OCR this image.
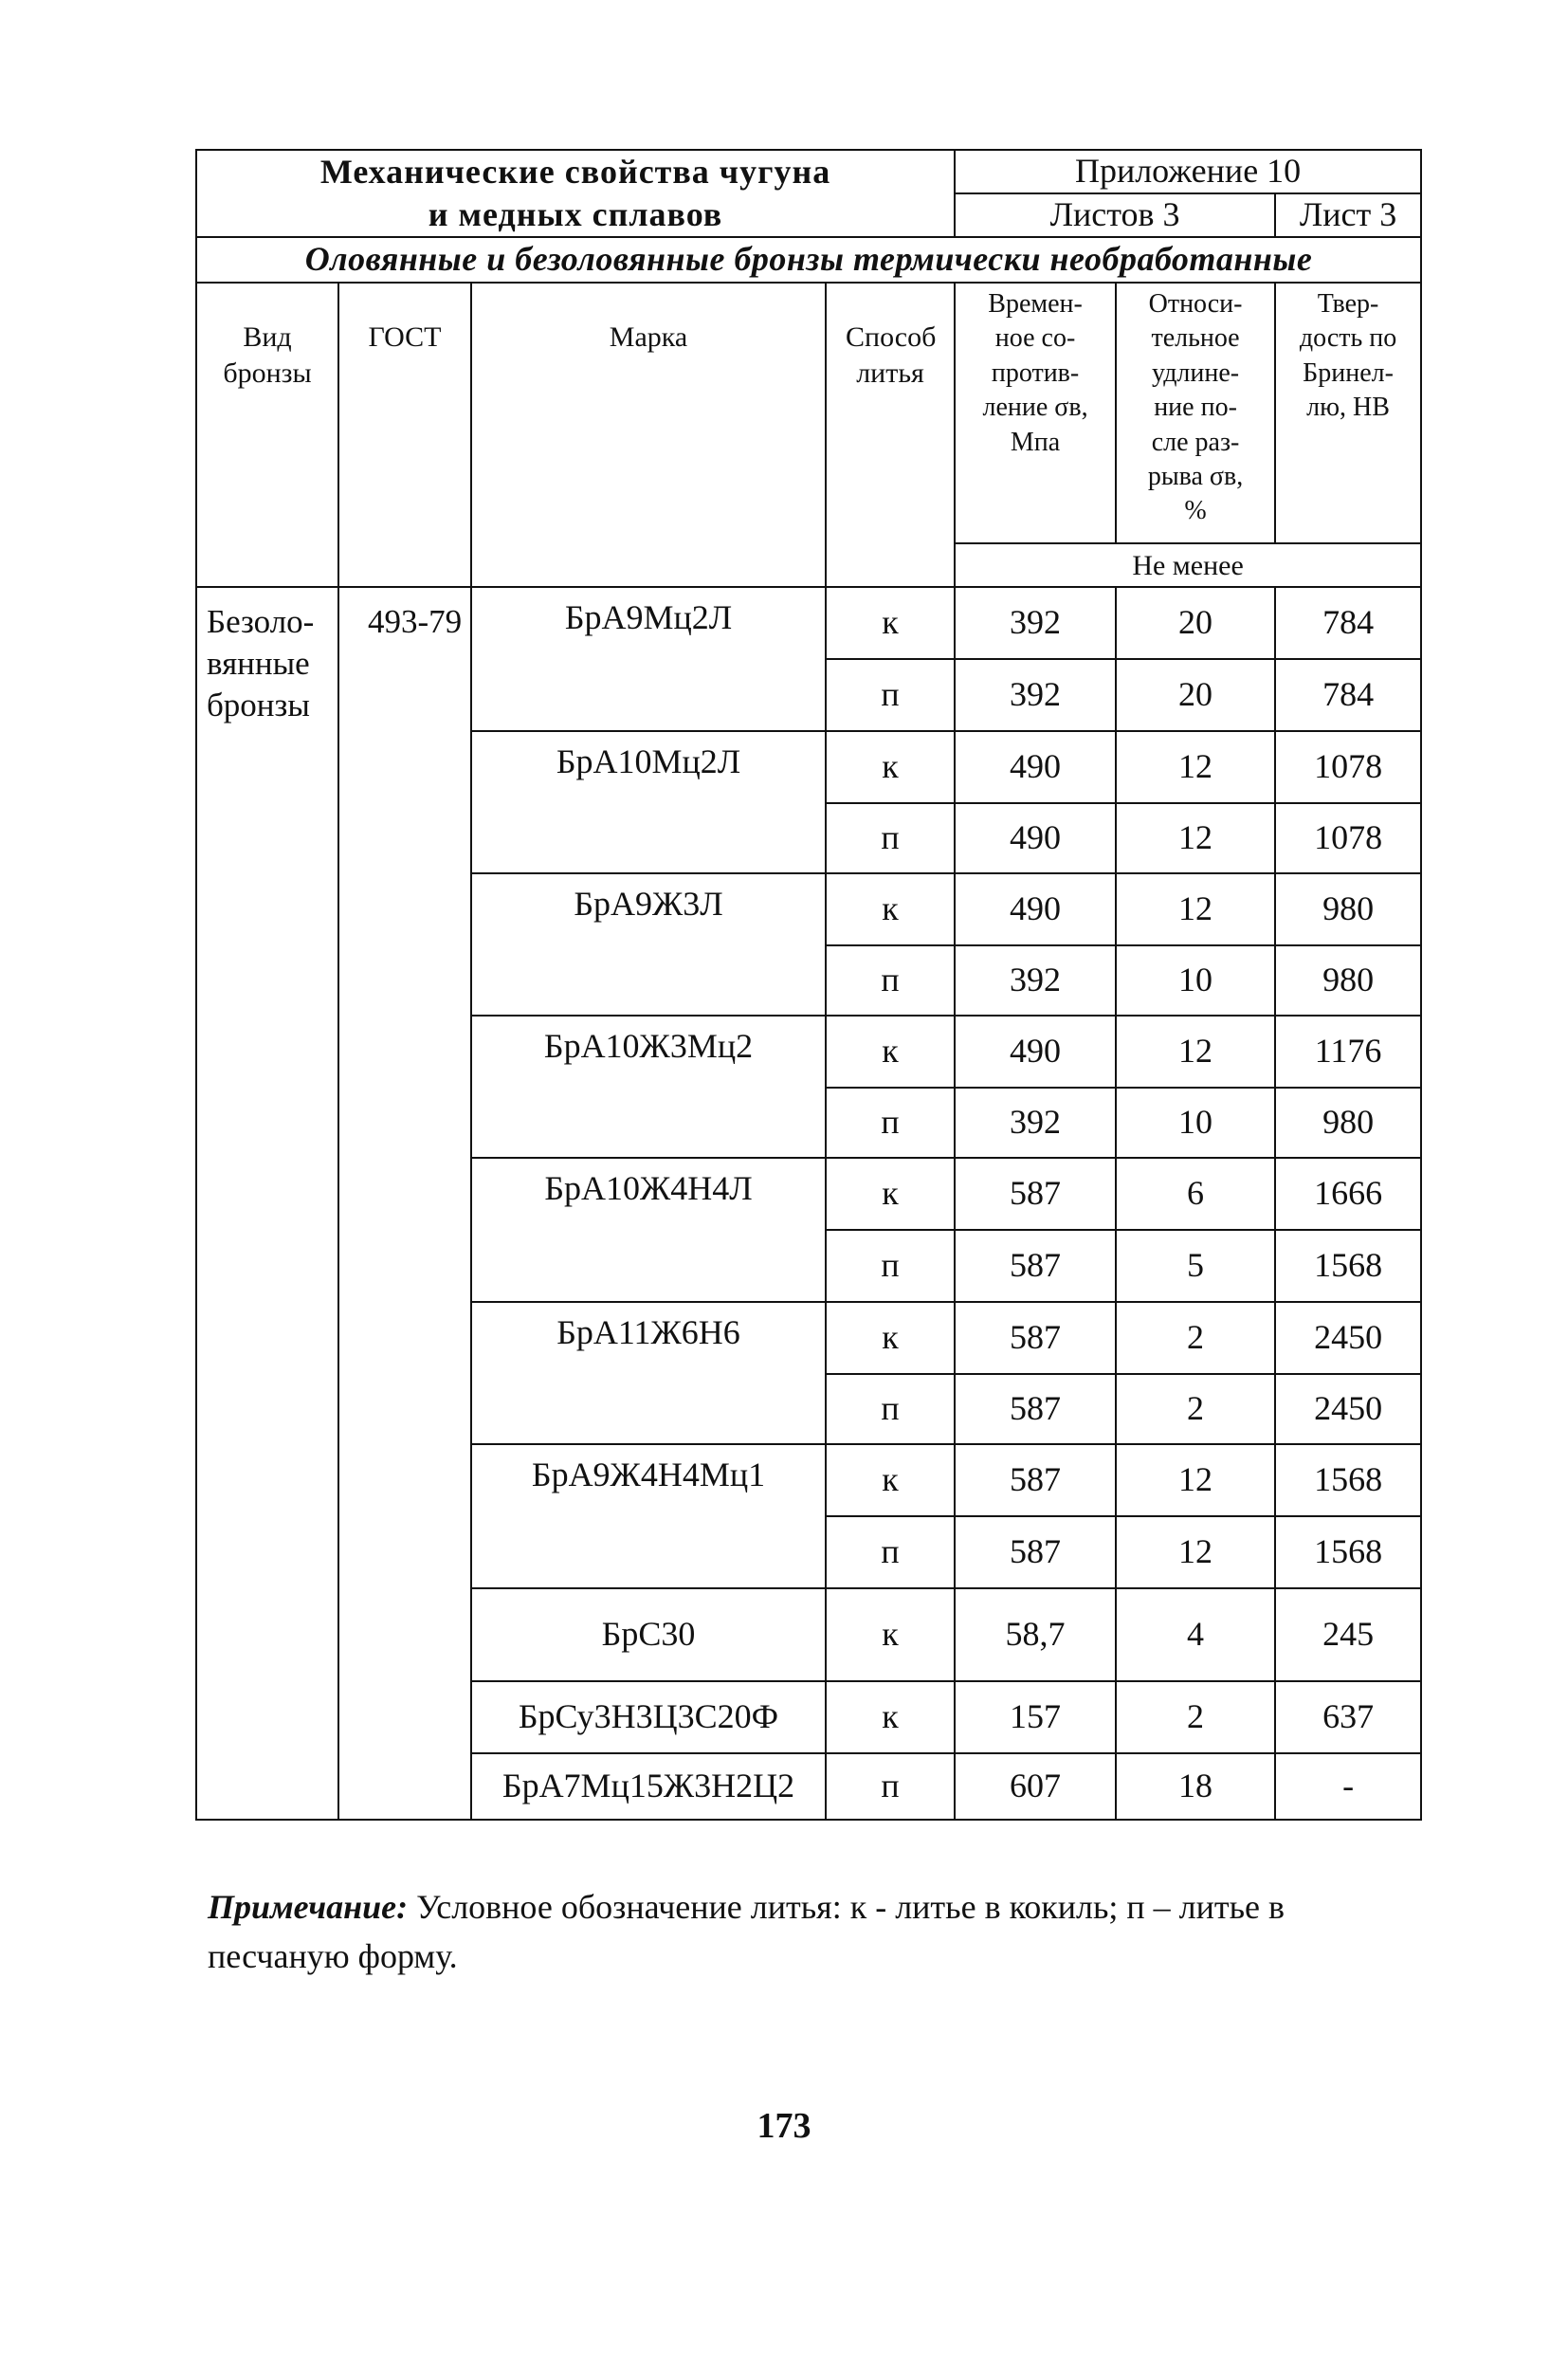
Механические свойства чугуна
и медных сплавов				Приложение 10		
				Листов 3		Лист 3
Оловянные и безоловянные бронзы термически необработанные						
Вид бронзы	ГОСТ	Марка	Способ литья	Времен-ное со-против-ление σв, Мпа	Относи-тельное удлине-ние по-сле раз-рыва σв, %	Твер-дость по Бринел-лю, НВ
				Не менее		
Безоло-вянные бронзы	493-79	БрА9Мц2Л	к	392	20	784
			п	392	20	784
		БрА10Мц2Л	к	490	12	1078
			п	490	12	1078
		БрА9Ж3Л	к	490	12	980
			п	392	10	980
		БрА10Ж3Мц2	к	490	12	1176
			п	392	10	980
		БрА10Ж4Н4Л	к	587	6	1666
			п	587	5	1568
		БрА11Ж6Н6	к	587	2	2450
			п	587	2	2450
		БрА9Ж4Н4Мц1	к	587	12	1568
			п	587	12	1568
		БрС30	к	58,7	4	245
		БрСу3Н3Ц3С20Ф	к	157	2	637
		БрА7Мц15Ж3Н2Ц2	п	607	18	-
Примечание: Условное обозначение литья: к - литье в кокиль; п – литье в песчаную форму.
173
